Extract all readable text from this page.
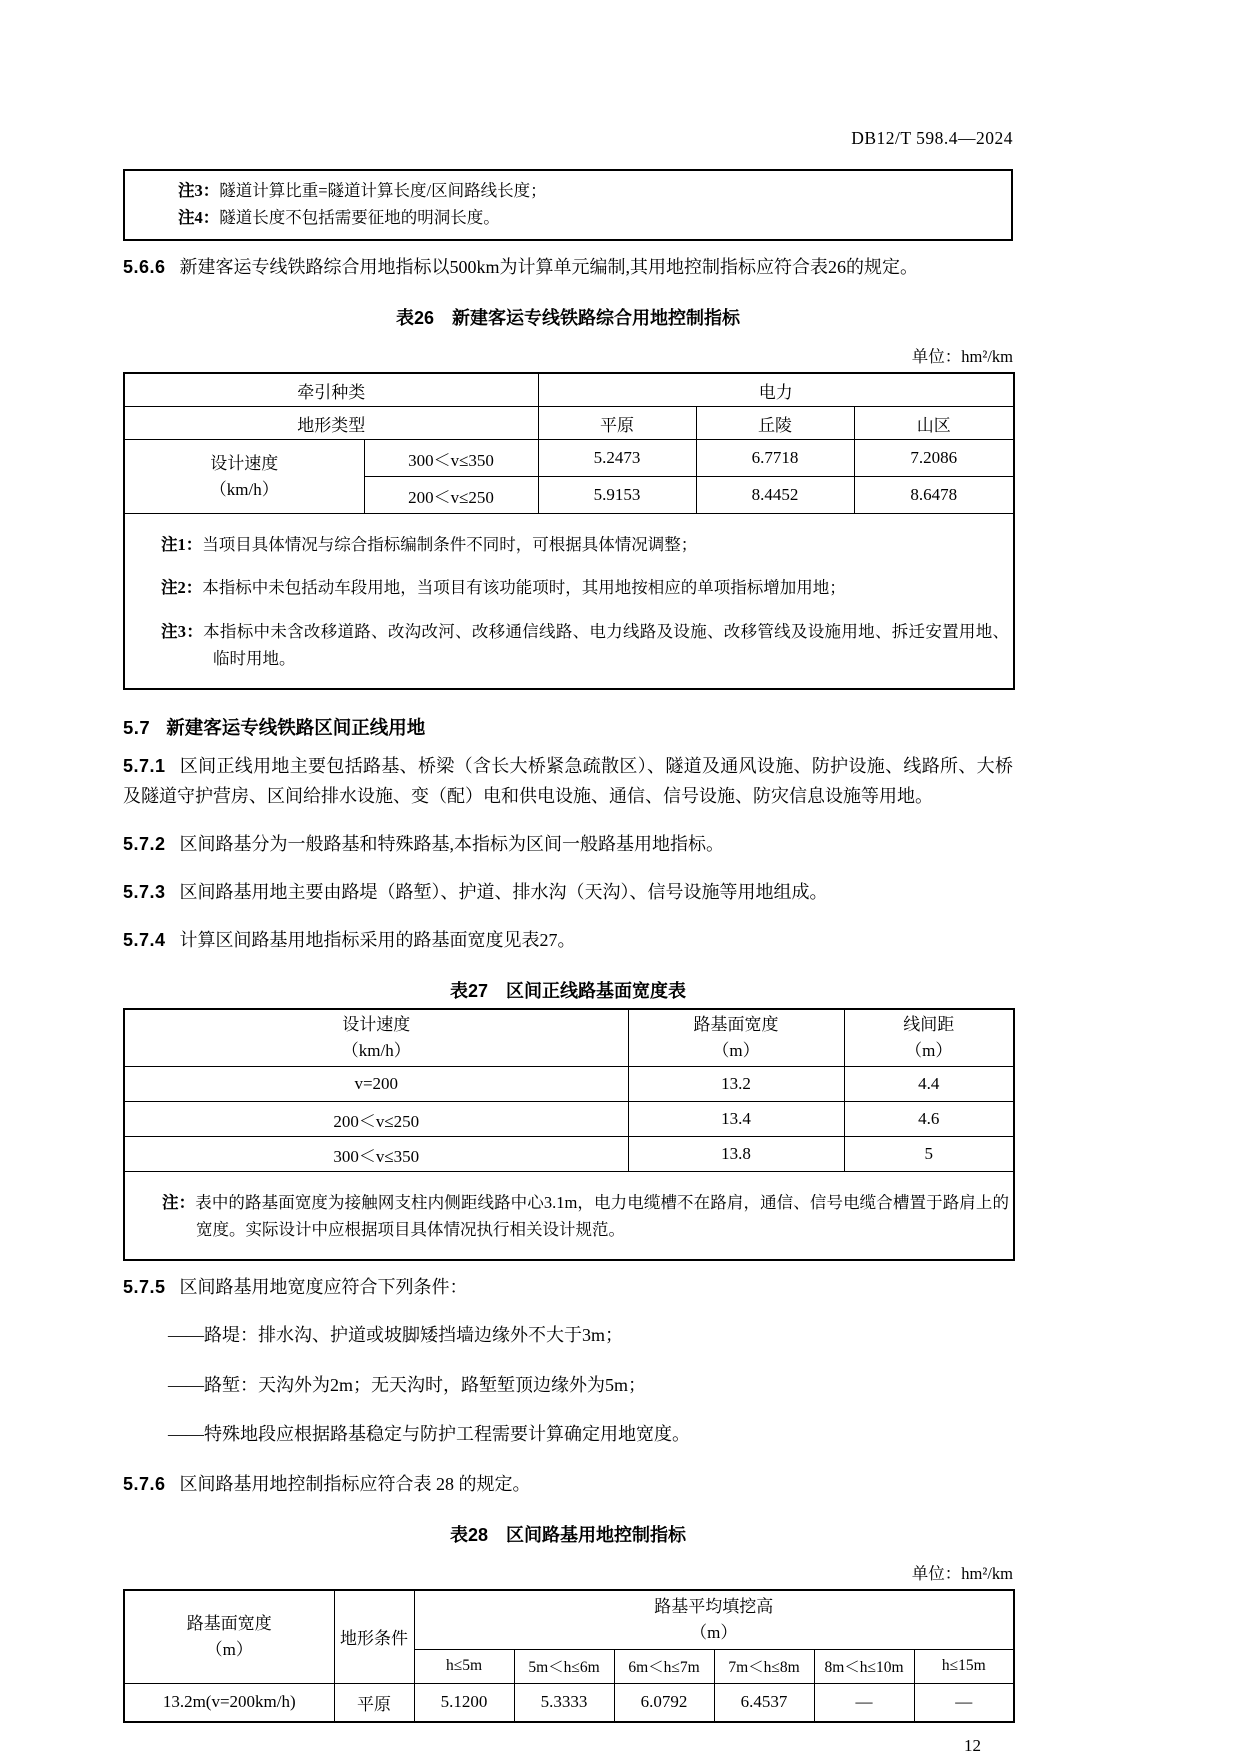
DB12/T 598.4—2024
注3：隧道计算比重=隧道计算长度/区间路线长度；
注4：隧道长度不包括需要征地的明洞长度。

5.6.6 新建客运专线铁路综合用地指标以500km为计算单元编制,其用地控制指标应符合表26的规定。

表26　新建客运专线铁路综合用地控制指标
单位：hm²/km
牵引种类		电力		
地形类型		平原	丘陵	山区

设计速度
（km/h）	300＜v≤350	5.2473	6.7718	7.2086
	200＜v≤250	5.9153	8.4452	8.6478

注1：当项目具体情况与综合指标编制条件不同时，可根据具体情况调整；

注2：本指标中未包括动车段用地，当项目有该功能项时，其用地按相应的单项指标增加用地；

注3：本指标中未含改移道路、改沟改河、改移通信线路、电力线路及设施、改移管线及设施用地、拆迁安置用地、临时用地。				

5.7 新建客运专线铁路区间正线用地

5.7.1 区间正线用地主要包括路基、桥梁（含长大桥紧急疏散区）、隧道及通风设施、防护设施、线路所、大桥及隧道守护营房、区间给排水设施、变（配）电和供电设施、通信、信号设施、防灾信息设施等用地。

5.7.2 区间路基分为一般路基和特殊路基,本指标为区间一般路基用地指标。

5.7.3 区间路基用地主要由路堤（路堑）、护道、排水沟（天沟）、信号设施等用地组成。

5.7.4 计算区间路基用地指标采用的路基面宽度见表27。

表27　区间正线路基面宽度表
设计速度
（km/h）

路基面宽度
（m）

线间距
（m）

v=200	13.2	4.4
200＜v≤250	13.4	4.6
300＜v≤350	13.8	5

注：表中的路基面宽度为接触网支柱内侧距线路中心3.1m，电力电缆槽不在路肩，通信、信号电缆合槽置于路肩上的宽度。实际设计中应根据项目具体情况执行相关设计规范。		

5.7.5 区间路基用地宽度应符合下列条件：

——路堤：排水沟、护道或坡脚矮挡墙边缘外不大于3m；

——路堑：天沟外为2m；无天沟时，路堑堑顶边缘外为5m；

——特殊地段应根据路基稳定与防护工程需要计算确定用地宽度。

5.7.6 区间路基用地控制指标应符合表 28 的规定。

表28　区间路基用地控制指标
单位：hm²/km
路基面宽度
（m）
	地形条件	
路基平均填挖高
（m）

		h≤5m	5m＜h≤6m	6m＜h≤7m	7m＜h≤8m	8m＜h≤10m	h≤15m
13.2m(v=200km/h)	平原	5.1200	5.3333	6.0792	6.4537	—	—
12
